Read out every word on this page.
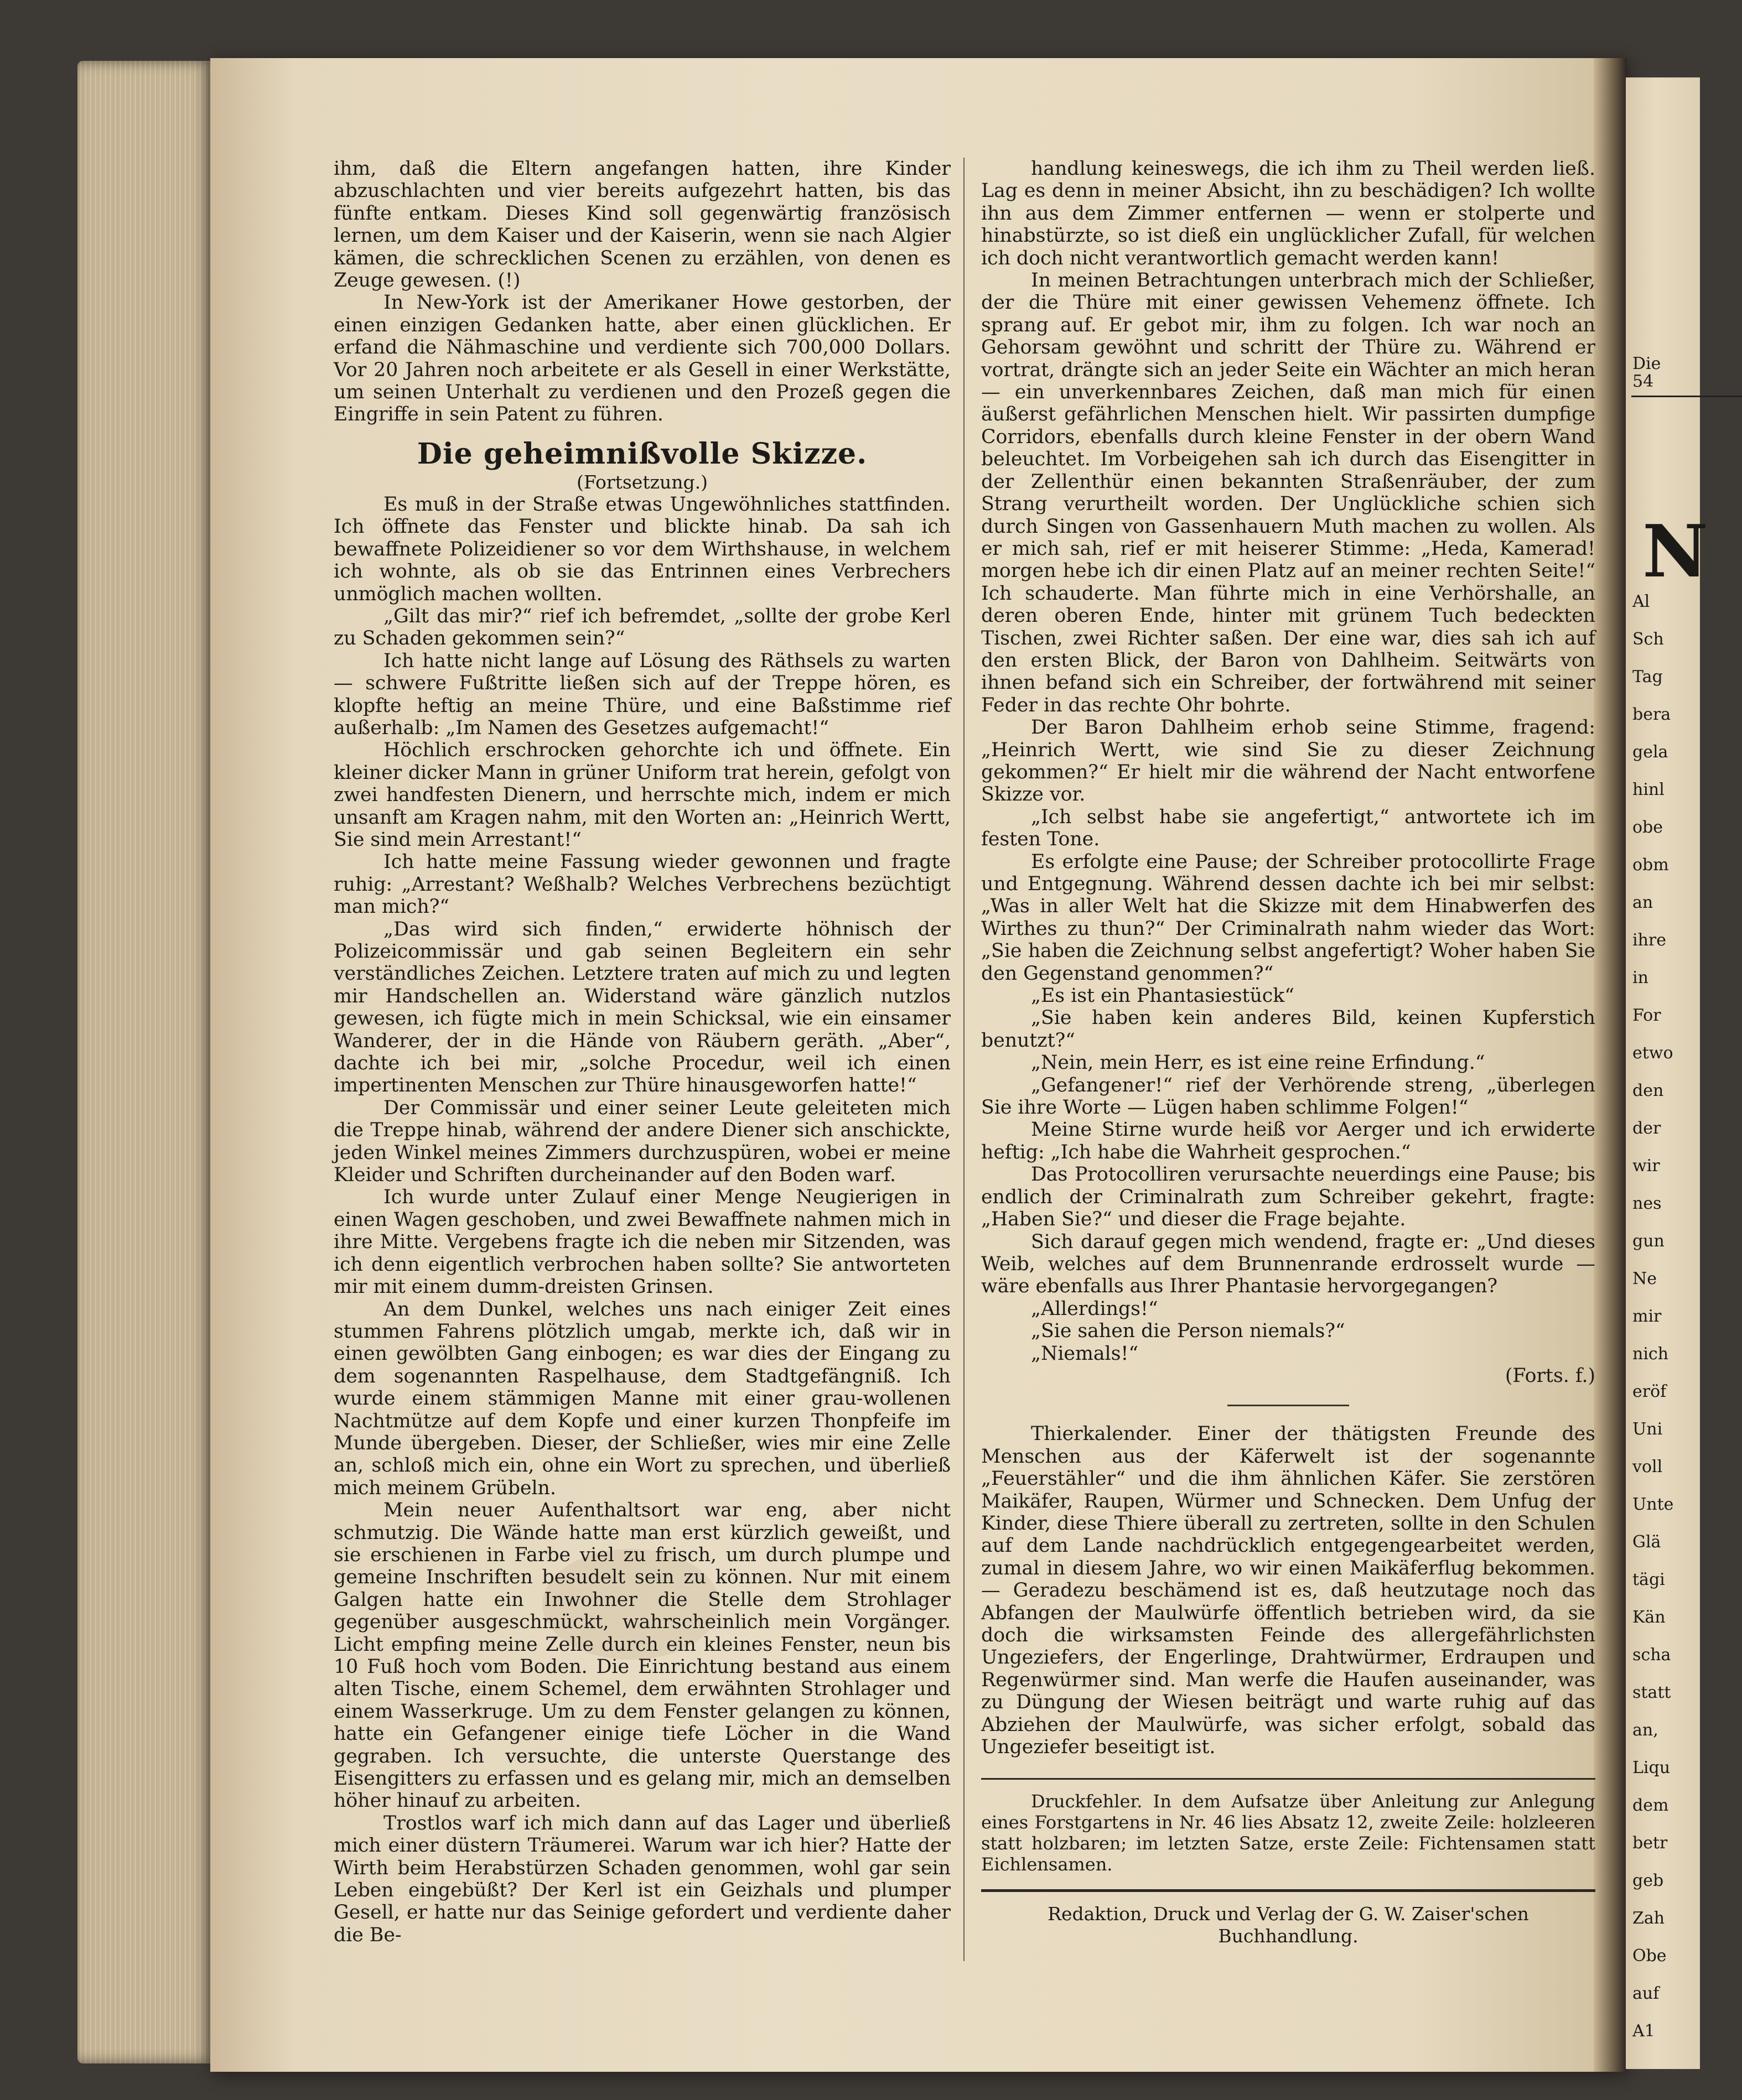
Die
54
N
Al
Sch
Tag
bera
gela
hinl
obe
obm
an
ihre
in
For
etwo
den
der
wir
nes
gun
Ne
mir
nich
eröf
Uni
voll
Unte
Glä
tägi
Kän
scha
statt
an,
Liqu
dem
betr
geb
Zah
Obe
auf
A1

ihm, daß die Eltern angefangen hatten, ihre Kinder abzuschlachten und vier bereits aufgezehrt hatten, bis das fünfte entkam. Dieses Kind soll gegenwärtig französisch lernen, um dem Kaiser und der Kaiserin, wenn sie nach Algier kämen, die schrecklichen Scenen zu erzählen, von denen es Zeuge gewesen. (!)

In New-York ist der Amerikaner Howe gestorben, der einen einzigen Gedanken hatte, aber einen glücklichen. Er erfand die Nähmaschine und verdiente sich 700,000 Dollars. Vor 20 Jahren noch arbeitete er als Gesell in einer Werkstätte, um seinen Unterhalt zu verdienen und den Prozeß gegen die Eingriffe in sein Patent zu führen.

Die geheimnißvolle Skizze.

(Fortsetzung.)

Es muß in der Straße etwas Ungewöhnliches stattfinden. Ich öffnete das Fenster und blickte hinab. Da sah ich bewaffnete Polizeidiener so vor dem Wirthshause, in welchem ich wohnte, als ob sie das Entrinnen eines Verbrechers unmöglich machen wollten.

„Gilt das mir?“ rief ich befremdet, „sollte der grobe Kerl zu Schaden gekommen sein?“

Ich hatte nicht lange auf Lösung des Räthsels zu warten — schwere Fußtritte ließen sich auf der Treppe hören, es klopfte heftig an meine Thüre, und eine Baßstimme rief außerhalb: „Im Namen des Gesetzes aufgemacht!“

Höchlich erschrocken gehorchte ich und öffnete. Ein kleiner dicker Mann in grüner Uniform trat herein, gefolgt von zwei handfesten Dienern, und herrschte mich, indem er mich unsanft am Kragen nahm, mit den Worten an: „Heinrich Wertt, Sie sind mein Arrestant!“

Ich hatte meine Fassung wieder gewonnen und fragte ruhig: „Arrestant? Weßhalb? Welches Verbrechens bezüchtigt man mich?“

„Das wird sich finden,“ erwiderte höhnisch der Polizeicommissär und gab seinen Begleitern ein sehr verständliches Zeichen. Letztere traten auf mich zu und legten mir Handschellen an. Widerstand wäre gänzlich nutzlos gewesen, ich fügte mich in mein Schicksal, wie ein einsamer Wanderer, der in die Hände von Räubern geräth. „Aber“, dachte ich bei mir, „solche Procedur, weil ich einen impertinenten Menschen zur Thüre hinausgeworfen hatte!“

Der Commissär und einer seiner Leute geleiteten mich die Treppe hinab, während der andere Diener sich anschickte, jeden Winkel meines Zimmers durchzuspüren, wobei er meine Kleider und Schriften durcheinander auf den Boden warf.

Ich wurde unter Zulauf einer Menge Neugierigen in einen Wagen geschoben, und zwei Bewaffnete nahmen mich in ihre Mitte. Vergebens fragte ich die neben mir Sitzenden, was ich denn eigentlich verbrochen haben sollte? Sie antworteten mir mit einem dumm-dreisten Grinsen.

An dem Dunkel, welches uns nach einiger Zeit eines stummen Fahrens plötzlich umgab, merkte ich, daß wir in einen gewölbten Gang einbogen; es war dies der Eingang zu dem sogenannten Raspelhause, dem Stadtgefängniß. Ich wurde einem stämmigen Manne mit einer grau-wollenen Nachtmütze auf dem Kopfe und einer kurzen Thonpfeife im Munde übergeben. Dieser, der Schließer, wies mir eine Zelle an, schloß mich ein, ohne ein Wort zu sprechen, und überließ mich meinem Grübeln.

Mein neuer Aufenthaltsort war eng, aber nicht schmutzig. Die Wände hatte man erst kürzlich geweißt, und sie erschienen in Farbe viel zu frisch, um durch plumpe und gemeine Inschriften besudelt sein zu können. Nur mit einem Galgen hatte ein Inwohner die Stelle dem Strohlager gegenüber ausgeschmückt, wahrscheinlich mein Vorgänger. Licht empfing meine Zelle durch ein kleines Fenster, neun bis 10 Fuß hoch vom Boden. Die Einrichtung bestand aus einem alten Tische, einem Schemel, dem erwähnten Strohlager und einem Wasserkruge. Um zu dem Fenster gelangen zu können, hatte ein Gefangener einige tiefe Löcher in die Wand gegraben. Ich versuchte, die unterste Querstange des Eisengitters zu erfassen und es gelang mir, mich an demselben höher hinauf zu arbeiten.

Trostlos warf ich mich dann auf das Lager und überließ mich einer düstern Träumerei. Warum war ich hier? Hatte der Wirth beim Herabstürzen Schaden genommen, wohl gar sein Leben eingebüßt? Der Kerl ist ein Geizhals und plumper Gesell, er hatte nur das Seinige gefordert und verdiente daher die Be-

handlung keineswegs, die ich ihm zu Theil werden ließ. Lag es denn in meiner Absicht, ihn zu beschädigen? Ich wollte ihn aus dem Zimmer entfernen — wenn er stolperte und hinabstürzte, so ist dieß ein unglücklicher Zufall, für welchen ich doch nicht verantwortlich gemacht werden kann!

In meinen Betrachtungen unterbrach mich der Schließer, der die Thüre mit einer gewissen Vehemenz öffnete. Ich sprang auf. Er gebot mir, ihm zu folgen. Ich war noch an Gehorsam gewöhnt und schritt der Thüre zu. Während er vortrat, drängte sich an jeder Seite ein Wächter an mich heran — ein unverkennbares Zeichen, daß man mich für einen äußerst gefährlichen Menschen hielt. Wir passirten dumpfige Corridors, ebenfalls durch kleine Fenster in der obern Wand beleuchtet. Im Vorbeigehen sah ich durch das Eisengitter in der Zellenthür einen bekannten Straßenräuber, der zum Strang verurtheilt worden. Der Unglückliche schien sich durch Singen von Gassenhauern Muth machen zu wollen. Als er mich sah, rief er mit heiserer Stimme: „Heda, Kamerad! morgen hebe ich dir einen Platz auf an meiner rechten Seite!“ Ich schauderte. Man führte mich in eine Verhörshalle, an deren oberen Ende, hinter mit grünem Tuch bedeckten Tischen, zwei Richter saßen. Der eine war, dies sah ich auf den ersten Blick, der Baron von Dahlheim. Seitwärts von ihnen befand sich ein Schreiber, der fortwährend mit seiner Feder in das rechte Ohr bohrte.

Der Baron Dahlheim erhob seine Stimme, fragend: „Heinrich Wertt, wie sind Sie zu dieser Zeichnung gekommen?“ Er hielt mir die während der Nacht entworfene Skizze vor.

„Ich selbst habe sie angefertigt,“ antwortete ich im festen Tone.

Es erfolgte eine Pause; der Schreiber protocollirte Frage und Entgegnung. Während dessen dachte ich bei mir selbst: „Was in aller Welt hat die Skizze mit dem Hinabwerfen des Wirthes zu thun?“ Der Criminalrath nahm wieder das Wort: „Sie haben die Zeichnung selbst angefertigt? Woher haben Sie den Gegenstand genommen?“

„Es ist ein Phantasiestück“

„Sie haben kein anderes Bild, keinen Kupferstich benutzt?“

„Nein, mein Herr, es ist eine reine Erfindung.“

„Gefangener!“ rief der Verhörende streng, „überlegen Sie ihre Worte — Lügen haben schlimme Folgen!“

Meine Stirne wurde heiß vor Aerger und ich erwiderte heftig: „Ich habe die Wahrheit gesprochen.“

Das Protocolliren verursachte neuerdings eine Pause; bis endlich der Criminalrath zum Schreiber gekehrt, fragte: „Haben Sie?“ und dieser die Frage bejahte.

Sich darauf gegen mich wendend, fragte er: „Und dieses Weib, welches auf dem Brunnenrande erdrosselt wurde — wäre ebenfalls aus Ihrer Phantasie hervorgegangen?

„Allerdings!“

„Sie sahen die Person niemals?“

„Niemals!“

(Forts. f.)

Thierkalender. Einer der thätigsten Freunde des Menschen aus der Käferwelt ist der sogenannte „Feuerstähler“ und die ihm ähnlichen Käfer. Sie zerstören Maikäfer, Raupen, Würmer und Schnecken. Dem Unfug der Kinder, diese Thiere überall zu zertreten, sollte in den Schulen auf dem Lande nachdrücklich entgegengearbeitet werden, zumal in diesem Jahre, wo wir einen Maikäferflug bekommen. — Geradezu beschämend ist es, daß heutzutage noch das Abfangen der Maulwürfe öffentlich betrieben wird, da sie doch die wirksamsten Feinde des allergefährlichsten Ungeziefers, der Engerlinge, Drahtwürmer, Erdraupen und Regenwürmer sind. Man werfe die Haufen auseinander, was zu Düngung der Wiesen beiträgt und warte ruhig auf das Abziehen der Maulwürfe, was sicher erfolgt, sobald das Ungeziefer beseitigt ist.

Druckfehler. In dem Aufsatze über Anleitung zur Anlegung eines Forstgartens in Nr. 46 lies Absatz 12, zweite Zeile: holzleeren statt holzbaren; im letzten Satze, erste Zeile: Fichtensamen statt Eichlensamen.

Redaktion, Druck und Verlag der G. W. Zaiser'schen Buchhandlung.
